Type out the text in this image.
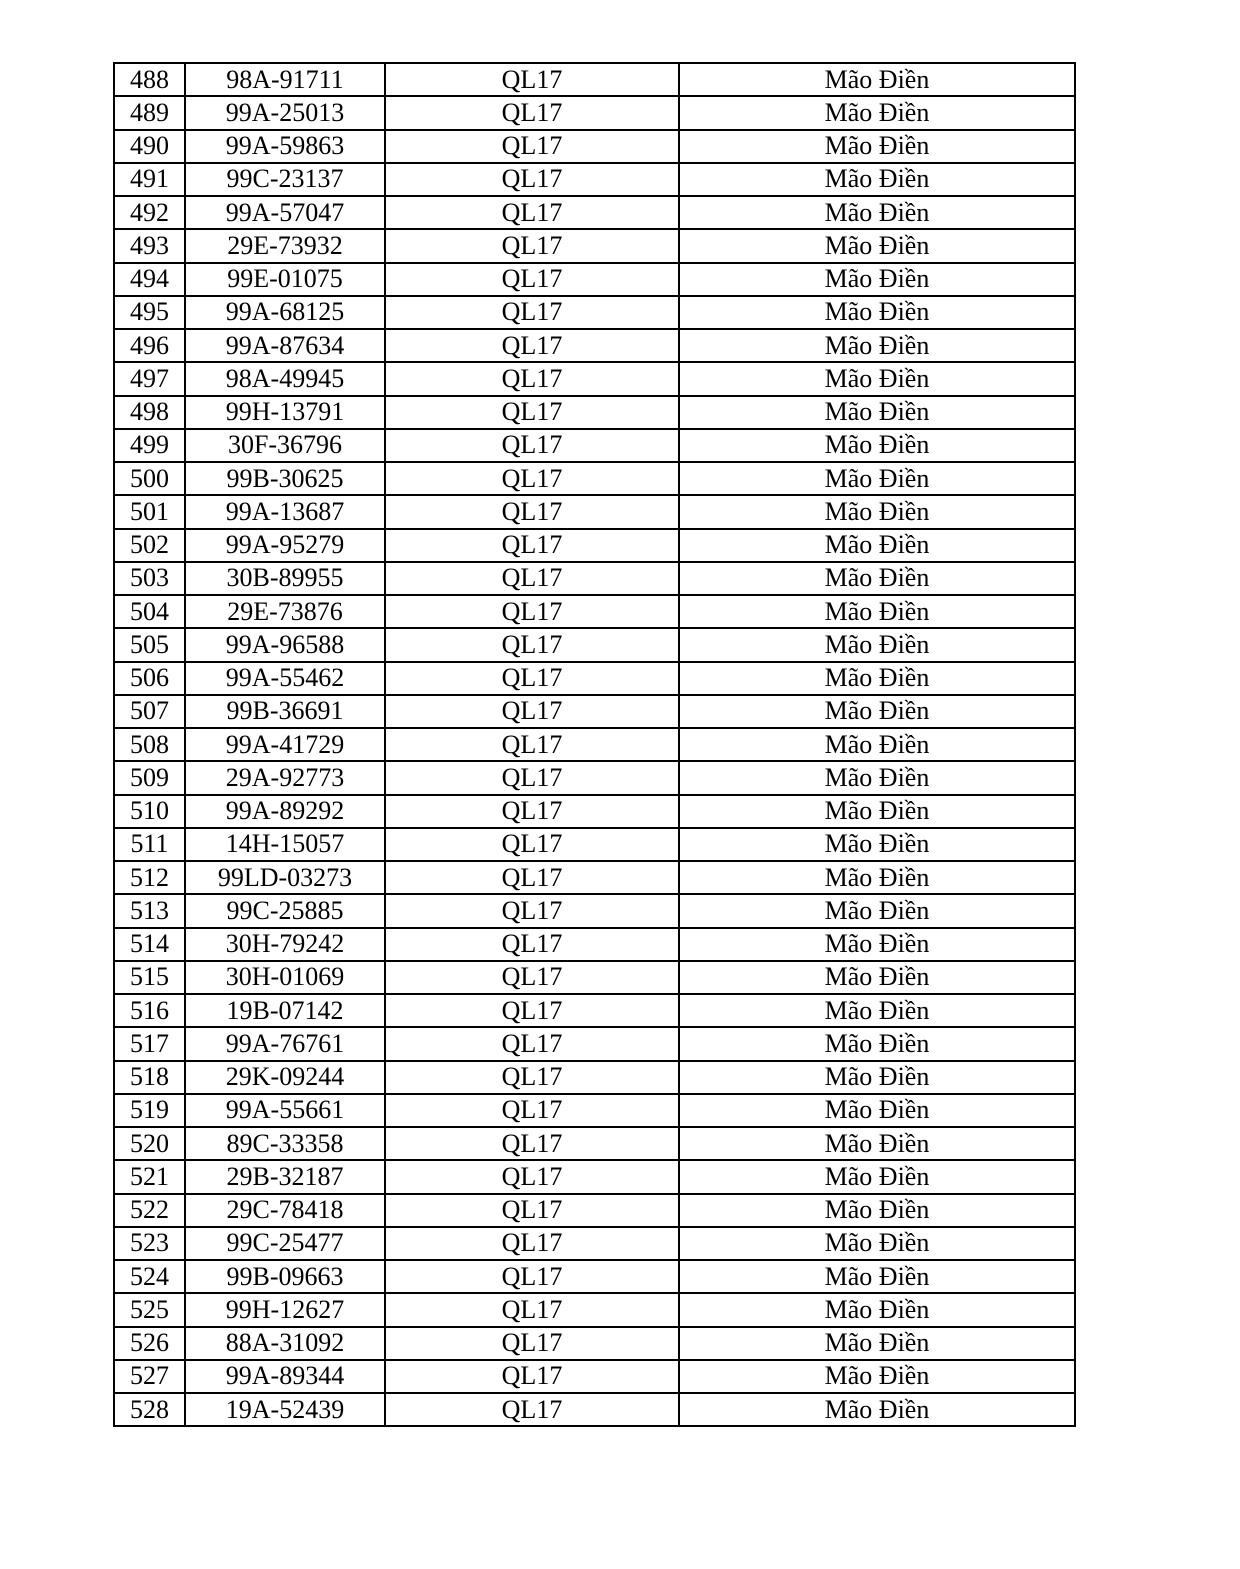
488	98A-91711	QL17	Mão Điền
489	99A-25013	QL17	Mão Điền
490	99A-59863	QL17	Mão Điền
491	99C-23137	QL17	Mão Điền
492	99A-57047	QL17	Mão Điền
493	29E-73932	QL17	Mão Điền
494	99E-01075	QL17	Mão Điền
495	99A-68125	QL17	Mão Điền
496	99A-87634	QL17	Mão Điền
497	98A-49945	QL17	Mão Điền
498	99H-13791	QL17	Mão Điền
499	30F-36796	QL17	Mão Điền
500	99B-30625	QL17	Mão Điền
501	99A-13687	QL17	Mão Điền
502	99A-95279	QL17	Mão Điền
503	30B-89955	QL17	Mão Điền
504	29E-73876	QL17	Mão Điền
505	99A-96588	QL17	Mão Điền
506	99A-55462	QL17	Mão Điền
507	99B-36691	QL17	Mão Điền
508	99A-41729	QL17	Mão Điền
509	29A-92773	QL17	Mão Điền
510	99A-89292	QL17	Mão Điền
511	14H-15057	QL17	Mão Điền
512	99LD-03273	QL17	Mão Điền
513	99C-25885	QL17	Mão Điền
514	30H-79242	QL17	Mão Điền
515	30H-01069	QL17	Mão Điền
516	19B-07142	QL17	Mão Điền
517	99A-76761	QL17	Mão Điền
518	29K-09244	QL17	Mão Điền
519	99A-55661	QL17	Mão Điền
520	89C-33358	QL17	Mão Điền
521	29B-32187	QL17	Mão Điền
522	29C-78418	QL17	Mão Điền
523	99C-25477	QL17	Mão Điền
524	99B-09663	QL17	Mão Điền
525	99H-12627	QL17	Mão Điền
526	88A-31092	QL17	Mão Điền
527	99A-89344	QL17	Mão Điền
528	19A-52439	QL17	Mão Điền
